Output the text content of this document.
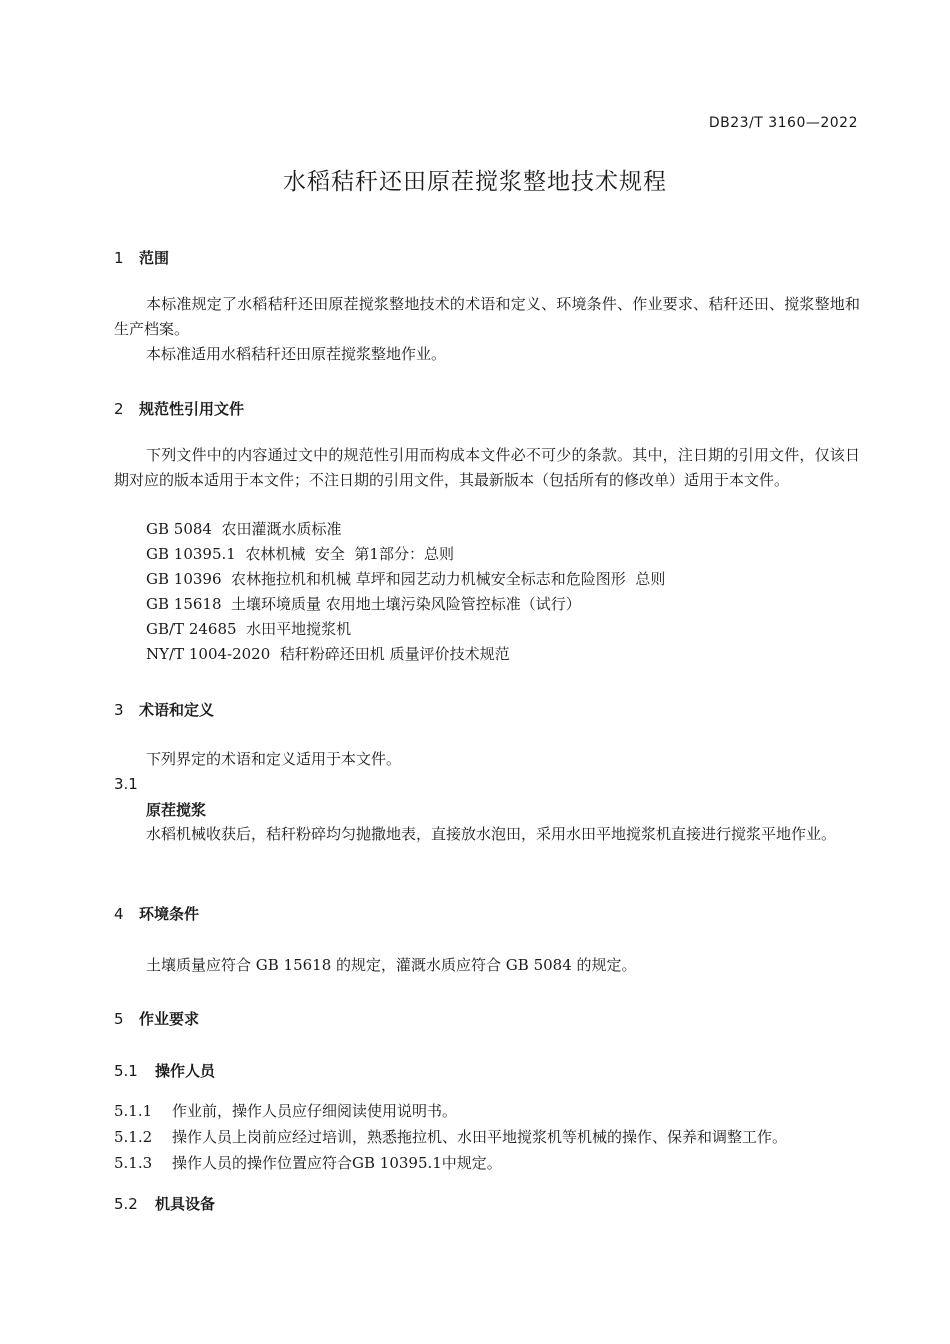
DB23/T 3160—2022
水稻秸秆还田原茬搅浆整地技术规程
1 范围
本标准规定了水稻秸秆还田原茬搅浆整地技术的术语和定义、环境条件、作业要求、秸秆还田、搅浆整地和生产档案。
本标准适用水稻秸秆还田原茬搅浆整地作业。
2 规范性引用文件
下列文件中的内容通过文中的规范性引用而构成本文件必不可少的条款。其中，注日期的引用文件，仅该日期对应的版本适用于本文件；不注日期的引用文件，其最新版本（包括所有的修改单）适用于本文件。
GB 5084  农田灌溉水质标准
GB 10395.1  农林机械  安全  第1部分：总则
GB 10396  农林拖拉机和机械 草坪和园艺动力机械安全标志和危险图形  总则
GB 15618  土壤环境质量 农用地土壤污染风险管控标准（试行）
GB/T 24685  水田平地搅浆机
NY/T 1004-2020  秸秆粉碎还田机 质量评价技术规范
3 术语和定义
下列界定的术语和定义适用于本文件。
3.1
原茬搅浆
水稻机械收获后，秸秆粉碎均匀抛撒地表，直接放水泡田，采用水田平地搅浆机直接进行搅浆平地作业。
4 环境条件
土壤质量应符合 GB 15618 的规定，灌溉水质应符合 GB 5084 的规定。
5 作业要求
5.1 操作人员
5.1.1 作业前，操作人员应仔细阅读使用说明书。
5.1.2 操作人员上岗前应经过培训，熟悉拖拉机、水田平地搅浆机等机械的操作、保养和调整工作。
5.1.3 操作人员的操作位置应符合GB 10395.1中规定。
5.2 机具设备
